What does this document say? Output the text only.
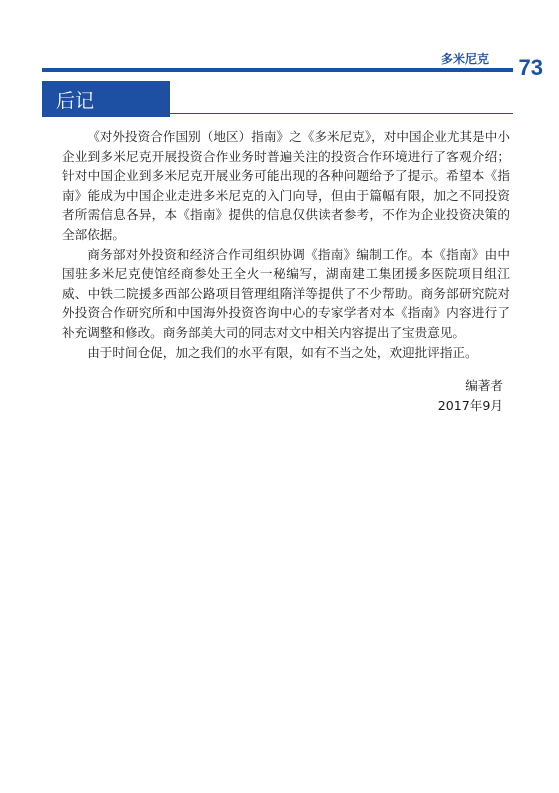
多米尼克 73
后记

《对外投资合作国别（地区）指南》之《多米尼克》，对中国企业尤其是中小企业到多米尼克开展投资合作业务时普遍关注的投资合作环境进行了客观介绍；针对中国企业到多米尼克开展业务可能出现的各种问题给予了提示。希望本《指南》能成为中国企业走进多米尼克的入门向导，但由于篇幅有限，加之不同投资者所需信息各异，本《指南》提供的信息仅供读者参考，不作为企业投资决策的全部依据。

商务部对外投资和经济合作司组织协调《指南》编制工作。本《指南》由中国驻多米尼克使馆经商参处王全火一秘编写，湖南建工集团援多医院项目组江威、中铁二院援多西部公路项目管理组隋洋等提供了不少帮助。商务部研究院对外投资合作研究所和中国海外投资咨询中心的专家学者对本《指南》内容进行了补充调整和修改。商务部美大司的同志对文中相关内容提出了宝贵意见。

由于时间仓促，加之我们的水平有限，如有不当之处，欢迎批评指正。

编著者
2017年9月
